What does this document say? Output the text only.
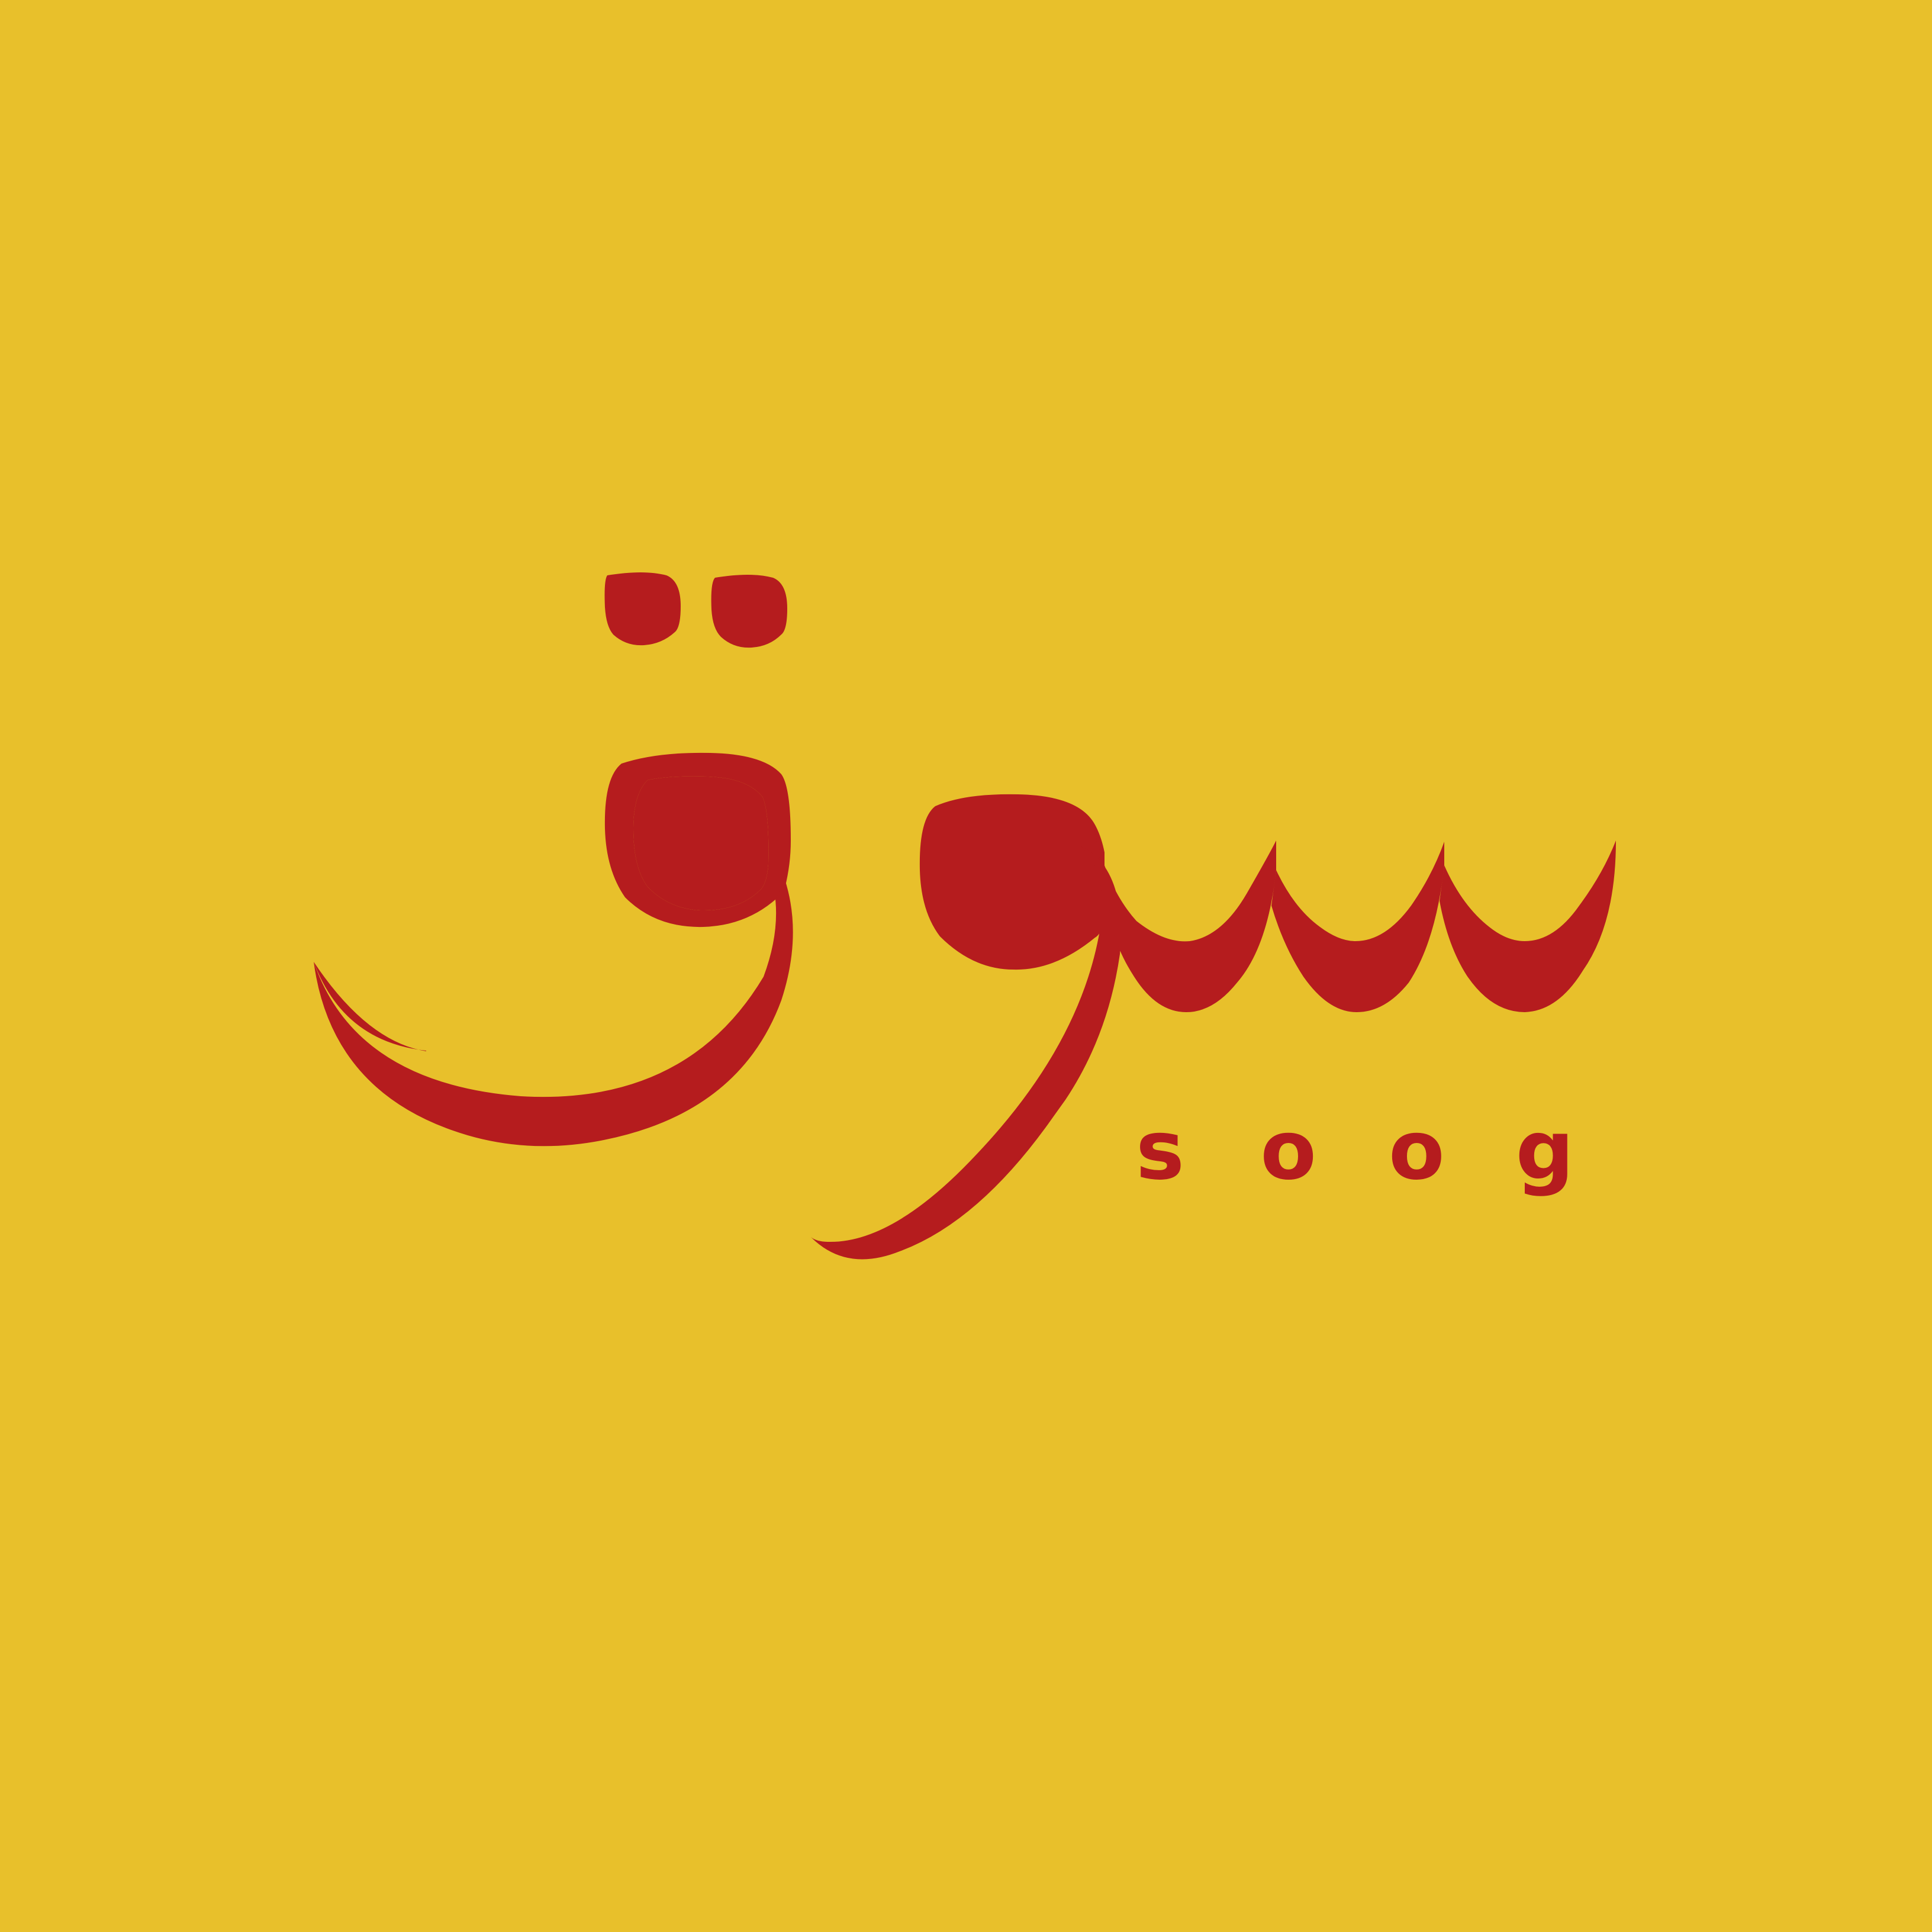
s o o g
